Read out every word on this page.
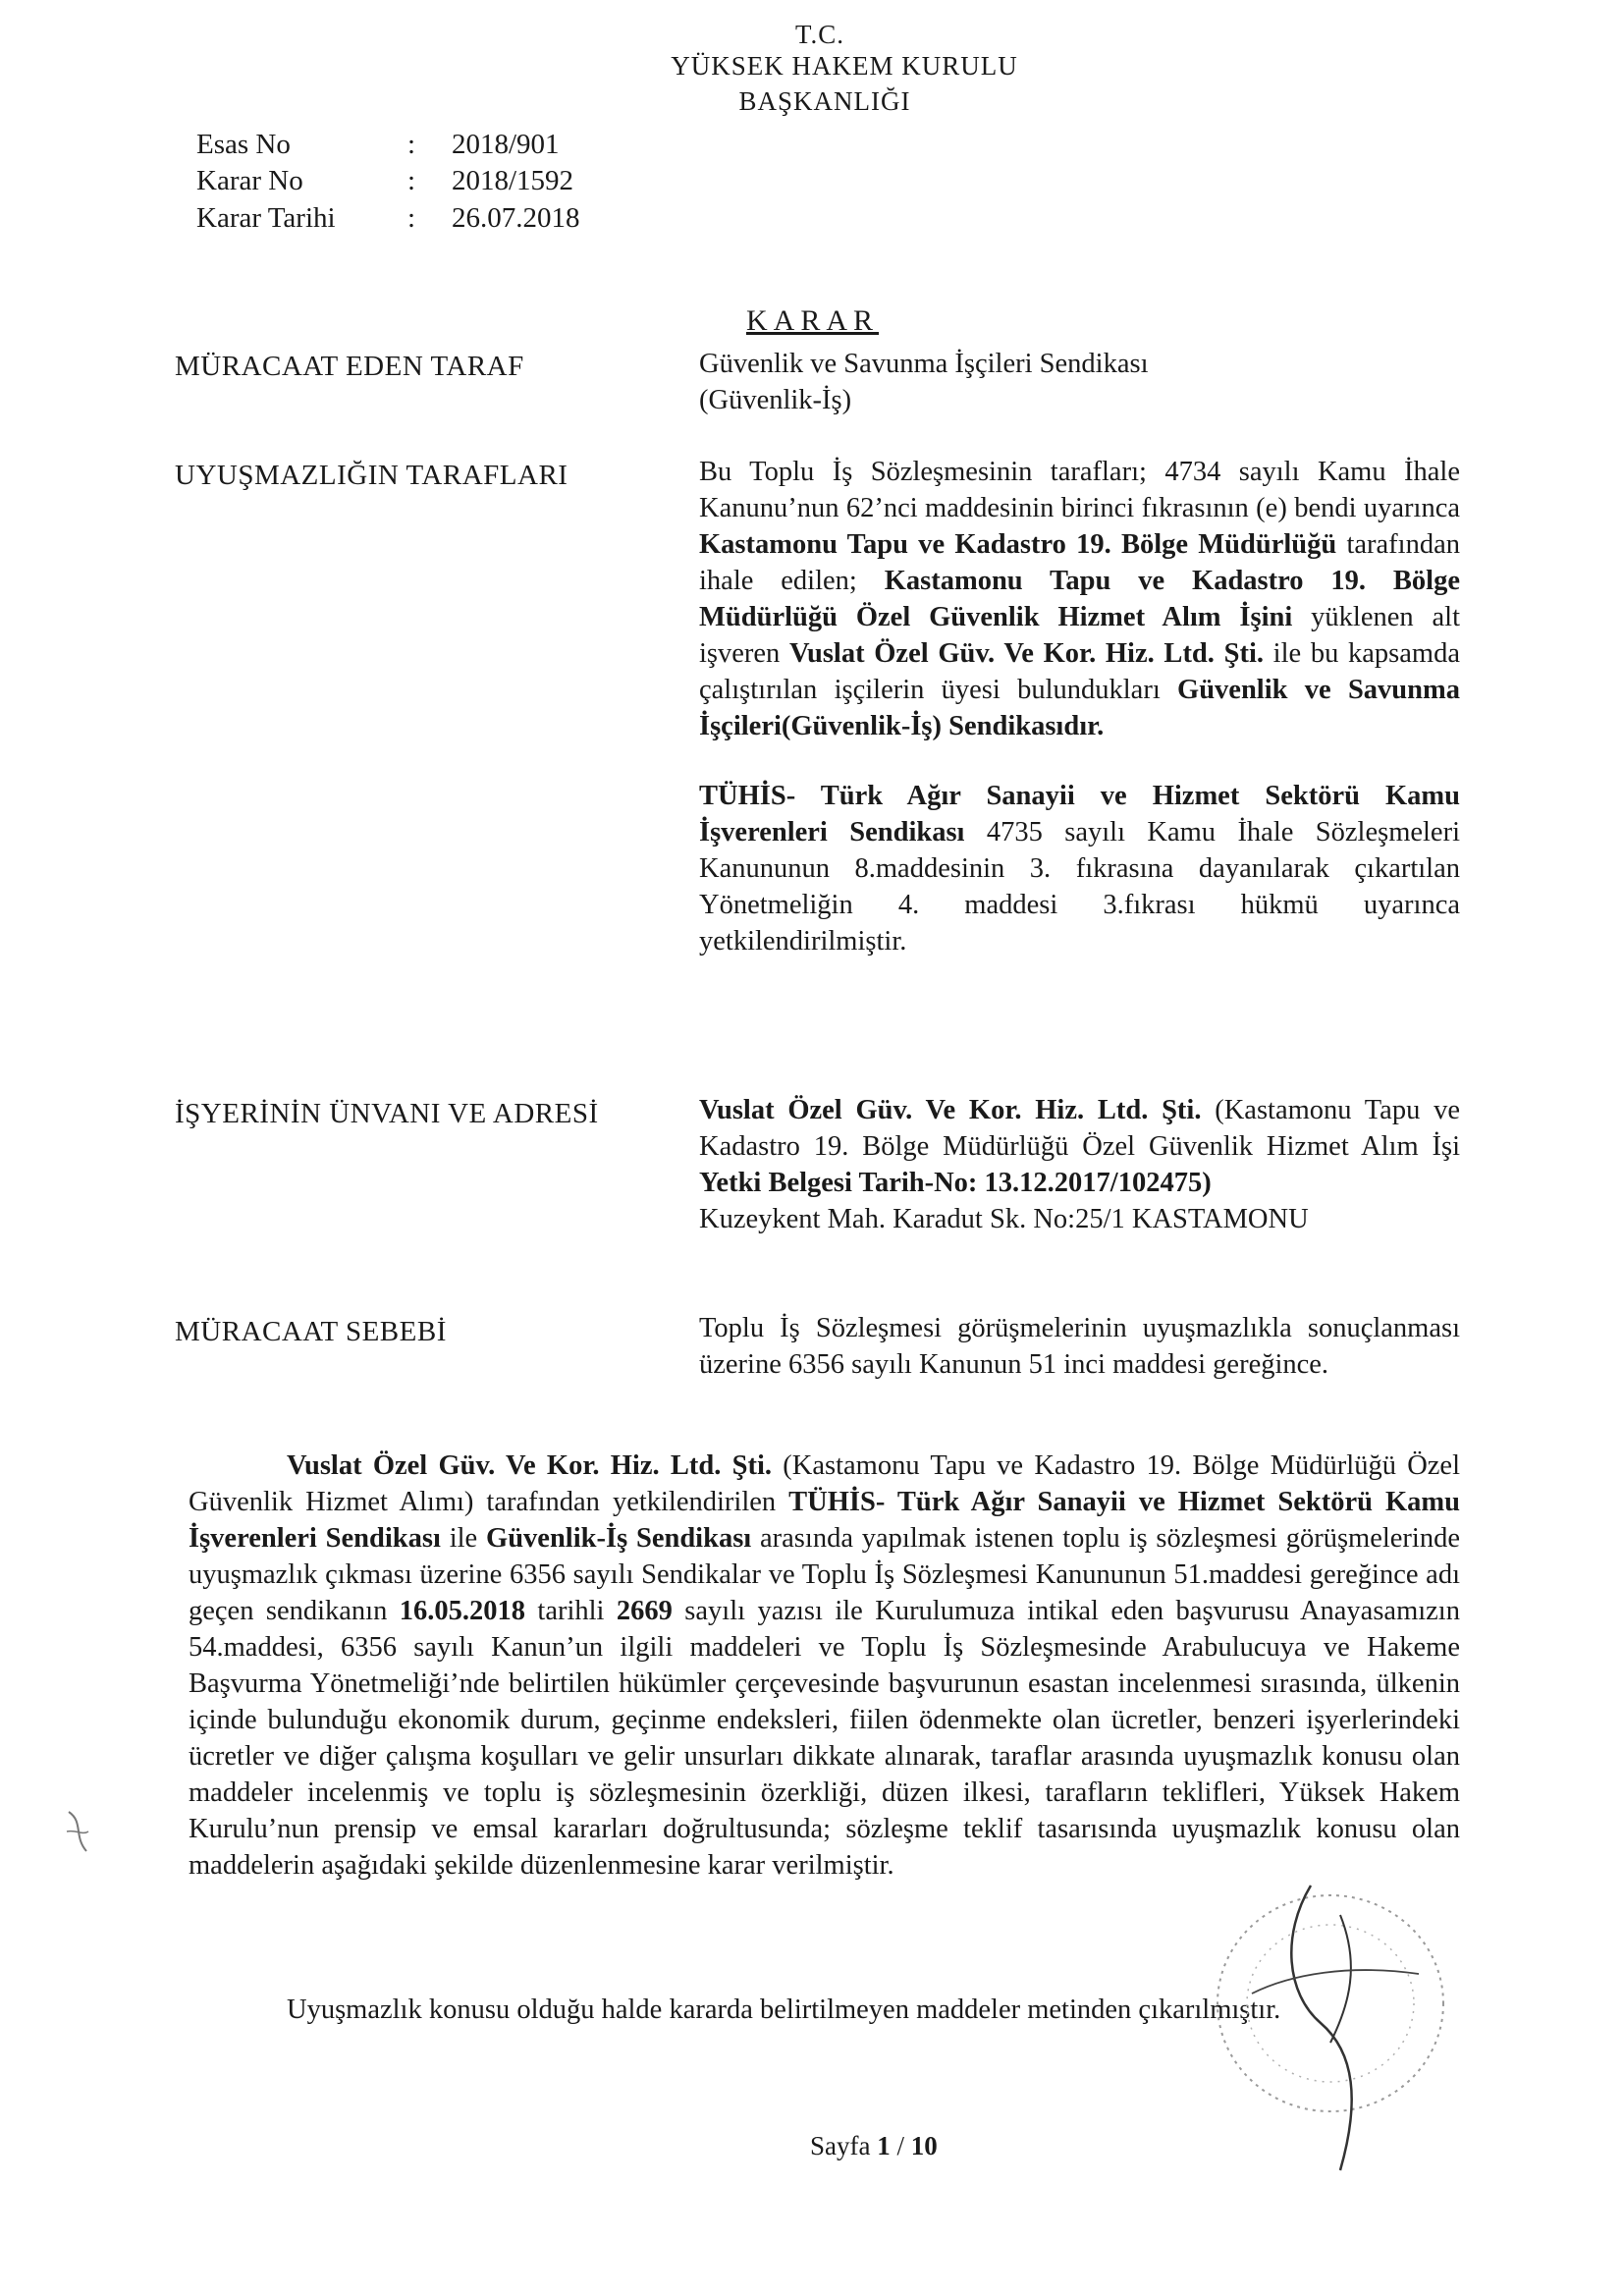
T.C.
YÜKSEK HAKEM KURULU
BAŞKANLIĞI
Esas No	: 2018/901
Karar No	: 2018/1592
Karar Tarihi	: 26.07.2018
KARAR
MÜRACAAT EDEN TARAF	Güvenlik ve Savunma İşçileri Sendikası
(Güvenlik-İş)
UYUŞMAZLIĞIN TARAFLARI	Bu Toplu İş Sözleşmesinin tarafları; 4734 sayılı Kamu İhale Kanunu’nun 62’nci maddesinin birinci fıkrasının (e) bendi uyarınca Kastamonu Tapu ve Kadastro 19. Bölge Müdürlüğü tarafından ihale edilen; Kastamonu Tapu ve Kadastro 19. Bölge Müdürlüğü Özel Güvenlik Hizmet Alım İşini yüklenen alt işveren Vuslat Özel Güv. Ve Kor. Hiz. Ltd. Şti. ile bu kapsamda çalıştırılan işçilerin üyesi bulundukları Güvenlik ve Savunma İşçileri(Güvenlik-İş) Sendikasıdır.
TÜHİS- Türk Ağır Sanayii ve Hizmet Sektörü Kamu İşverenleri Sendikası 4735 sayılı Kamu İhale Sözleşmeleri Kanununun 8.maddesinin 3. fıkrasına dayanılarak çıkartılan Yönetmeliğin 4. maddesi 3.fıkrası hükmü uyarınca yetkilendirilmiştir.
İŞYERİNİN ÜNVANI VE ADRESİ	Vuslat Özel Güv. Ve Kor. Hiz. Ltd. Şti. (Kastamonu Tapu ve Kadastro 19. Bölge Müdürlüğü Özel Güvenlik Hizmet Alım İşi Yetki Belgesi Tarih-No: 13.12.2017/102475)
Kuzeykent Mah. Karadut Sk. No:25/1 KASTAMONU
MÜRACAAT SEBEBİ	Toplu İş Sözleşmesi görüşmelerinin uyuşmazlıkla sonuçlanması üzerine 6356 sayılı Kanunun 51 inci maddesi gereğince.
Vuslat Özel Güv. Ve Kor. Hiz. Ltd. Şti. (Kastamonu Tapu ve Kadastro 19. Bölge Müdürlüğü Özel Güvenlik Hizmet Alımı) tarafından yetkilendirilen TÜHİS- Türk Ağır Sanayii ve Hizmet Sektörü Kamu İşverenleri Sendikası ile Güvenlik-İş Sendikası arasında yapılmak istenen toplu iş sözleşmesi görüşmelerinde uyuşmazlık çıkması üzerine 6356 sayılı Sendikalar ve Toplu İş Sözleşmesi Kanununun 51.maddesi gereğince adı geçen sendikanın 16.05.2018 tarihli 2669 sayılı yazısı ile Kurulumuza intikal eden başvurusu Anayasamızın 54.maddesi, 6356 sayılı Kanun’un ilgili maddeleri ve Toplu İş Sözleşmesinde Arabulucuya ve Hakeme Başvurma Yönetmeliği’nde belirtilen hükümler çerçevesinde başvurunun esastan incelenmesi sırasında, ülkenin içinde bulunduğu ekonomik durum, geçinme endeksleri, fiilen ödenmekte olan ücretler, benzeri işyerlerindeki ücretler ve diğer çalışma koşulları ve gelir unsurları dikkate alınarak, taraflar arasında uyuşmazlık konusu olan maddeler incelenmiş ve toplu iş sözleşmesinin özerkliği, düzen ilkesi, tarafların teklifleri, Yüksek Hakem Kurulu’nun prensip ve emsal kararları doğrultusunda; sözleşme teklif tasarısında uyuşmazlık konusu olan maddelerin aşağıdaki şekilde düzenlenmesine karar verilmiştir.
Uyuşmazlık konusu olduğu halde kararda belirtilmeyen maddeler metinden çıkarılmıştır.
Sayfa 1 / 10
